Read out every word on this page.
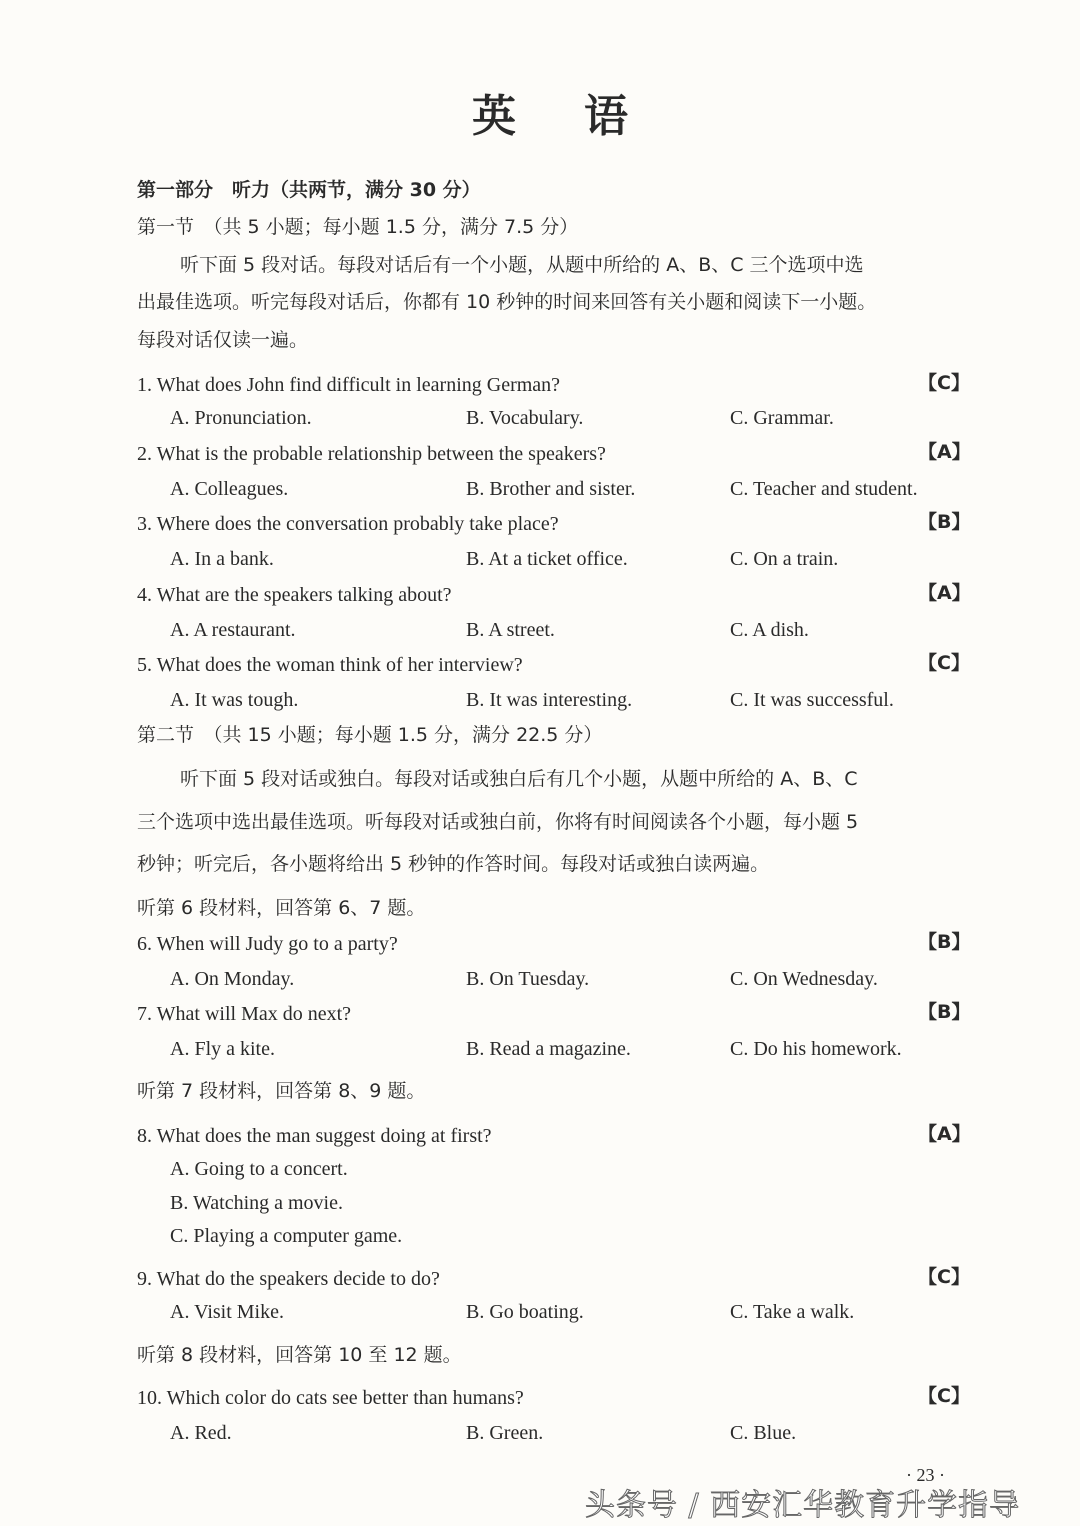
英语
第一部分　听力（共两节，满分 30 分）
第一节　（共 5 小题；每小题 1.5 分，满分 7.5 分）
听下面 5 段对话。每段对话后有一个小题，从题中所给的 A、B、C 三个选项中选
出最佳选项。听完每段对话后，你都有 10 秒钟的时间来回答有关小题和阅读下一小题。
每段对话仅读一遍。
第二节　（共 15 小题；每小题 1.5 分，满分 22.5 分）
听下面 5 段对话或独白。每段对话或独白后有几个小题，从题中所给的 A、B、C
三个选项中选出最佳选项。听每段对话或独白前，你将有时间阅读各个小题，每小题 5
秒钟；听完后，各小题将给出 5 秒钟的作答时间。每段对话或独白读两遍。
听第 6 段材料，回答第 6、7 题。
听第 7 段材料，回答第 8、9 题。
听第 8 段材料，回答第 10 至 12 题。
1. What does John find difficult in learning German?	【C】
A. Pronunciation.	B. Vocabulary.	C. Grammar.
2. What is the probable relationship between the speakers?	【A】
A. Colleagues.	B. Brother and sister.	C. Teacher and student.
3. Where does the conversation probably take place?	【B】
A. In a bank.	B. At a ticket office.	C. On a train.
4. What are the speakers talking about?	【A】
A. A restaurant.	B. A street.	C. A dish.
5. What does the woman think of her interview?	【C】
A. It was tough.	B. It was interesting.	C. It was successful.
6. When will Judy go to a party?	【B】
A. On Monday.	B. On Tuesday.	C. On Wednesday.
7. What will Max do next?	【B】
A. Fly a kite.	B. Read a magazine.	C. Do his homework.
8. What does the man suggest doing at first?	【A】
A. Going to a concert.
B. Watching a movie.
C. Playing a computer game.
9. What do the speakers decide to do?	【C】
A. Visit Mike.	B. Go boating.	C. Take a walk.
10. Which color do cats see better than humans?	【C】
A. Red.	B. Green.	C. Blue.
· 23 ·
头条号 / 西安汇华教育升学指导
